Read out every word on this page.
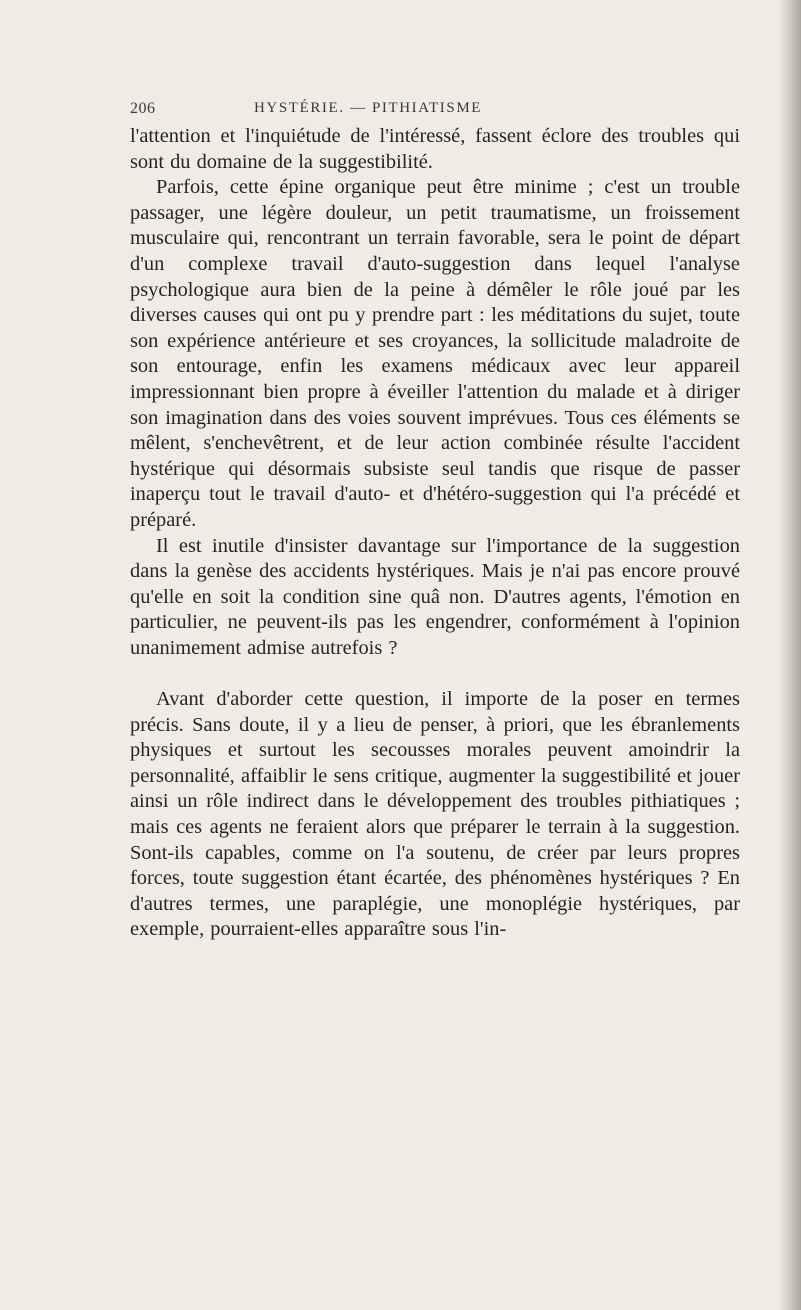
206	HYSTÉRIE. — PITHIATISME

l'attention et l'inquiétude de l'intéressé, fassent éclore des troubles qui sont du domaine de la suggestibilité.

Parfois, cette épine organique peut être minime ; c'est un trouble passager, une légère douleur, un petit traumatisme, un froissement musculaire qui, rencontrant un terrain favorable, sera le point de départ d'un complexe travail d'auto-suggestion dans lequel l'analyse psychologique aura bien de la peine à démêler le rôle joué par les diverses causes qui ont pu y prendre part : les méditations du sujet, toute son expérience antérieure et ses croyances, la sollicitude maladroite de son entourage, enfin les examens médicaux avec leur appareil impressionnant bien propre à éveiller l'attention du malade et à diriger son imagination dans des voies souvent imprévues. Tous ces éléments se mêlent, s'enchevêtrent, et de leur action combinée résulte l'accident hystérique qui désormais subsiste seul tandis que risque de passer inaperçu tout le travail d'auto- et d'hétéro-suggestion qui l'a précédé et préparé.

Il est inutile d'insister davantage sur l'importance de la suggestion dans la genèse des accidents hystériques. Mais je n'ai pas encore prouvé qu'elle en soit la condition sine quâ non. D'autres agents, l'émotion en particulier, ne peuvent-ils pas les engendrer, conformément à l'opinion unanimement admise autrefois ?

Avant d'aborder cette question, il importe de la poser en termes précis. Sans doute, il y a lieu de penser, à priori, que les ébranlements physiques et surtout les secousses morales peuvent amoindrir la personnalité, affaiblir le sens critique, augmenter la suggestibilité et jouer ainsi un rôle indirect dans le développement des troubles pithiatiques ; mais ces agents ne feraient alors que préparer le terrain à la suggestion. Sont-ils capables, comme on l'a soutenu, de créer par leurs propres forces, toute suggestion étant écartée, des phénomènes hystériques ? En d'autres termes, une paraplégie, une monoplégie hystériques, par exemple, pourraient-elles apparaître sous l'in-
